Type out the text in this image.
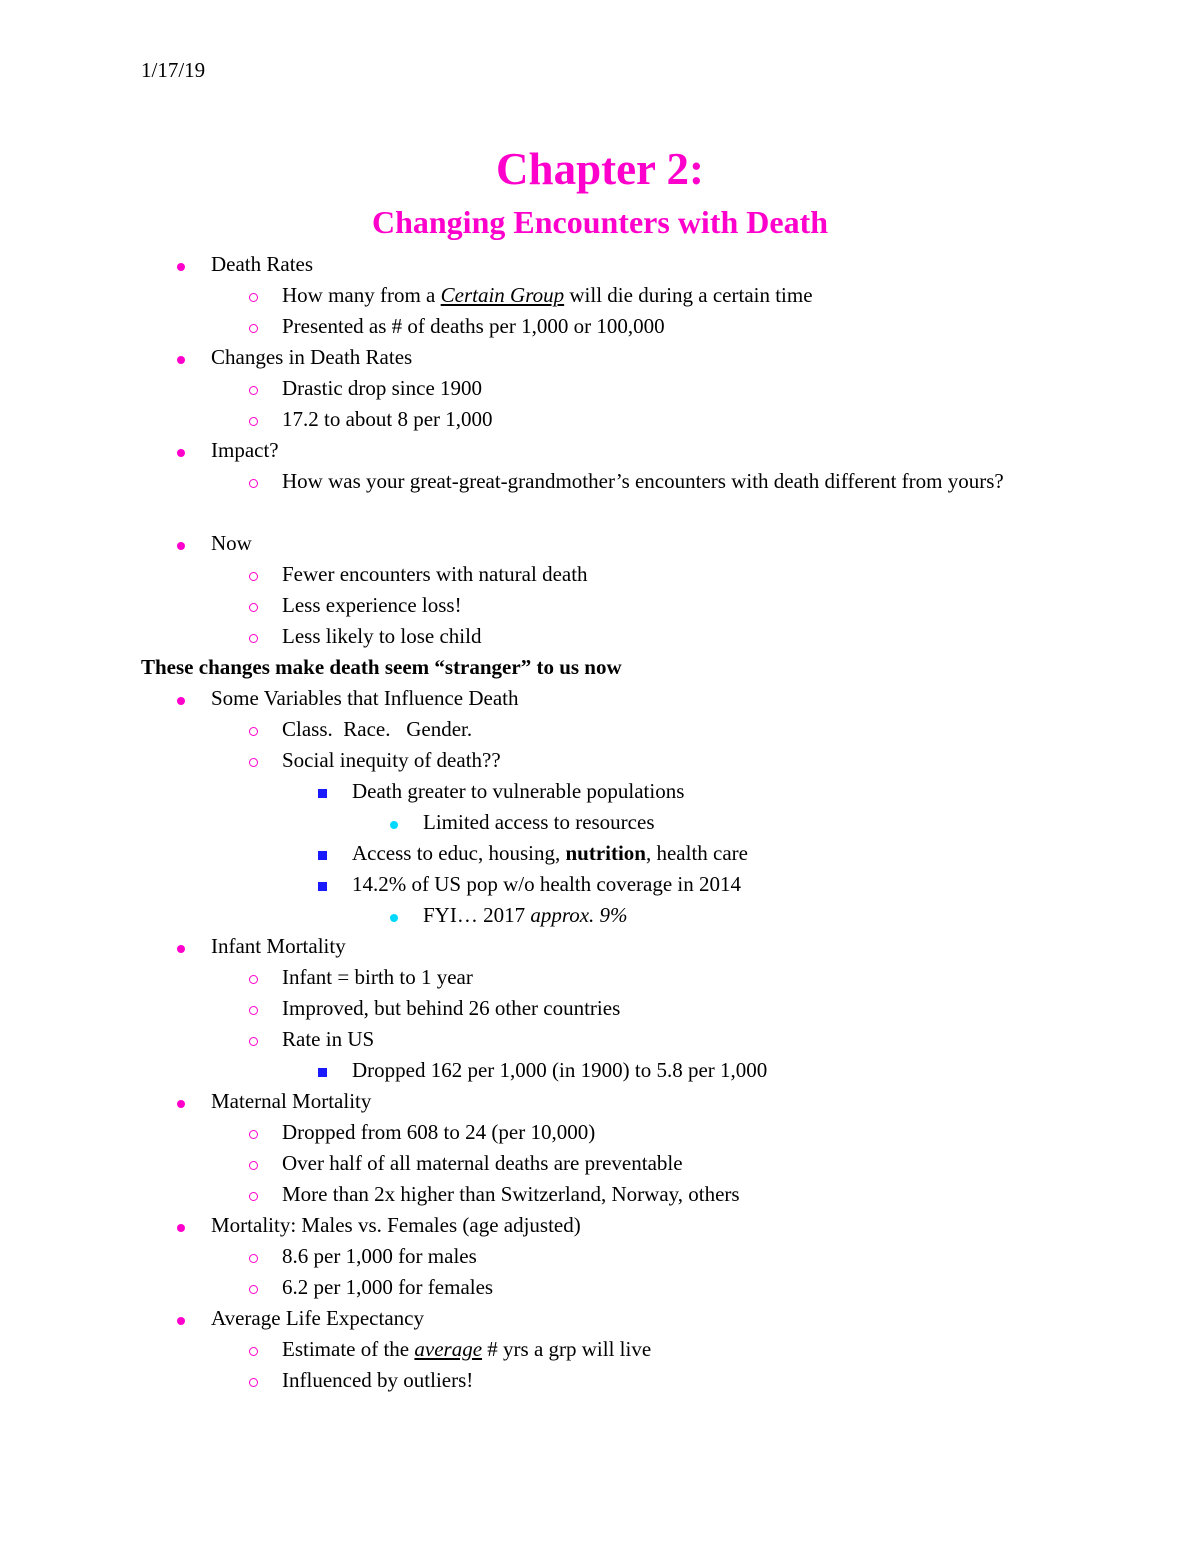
1/17/19
Chapter 2:
Changing Encounters with Death
Death Rates
How many from a Certain Group will die during a certain time
Presented as # of deaths per 1,000 or 100,000
Changes in Death Rates
Drastic drop since 1900
17.2 to about 8 per 1,000
Impact?
How was your great-great-grandmother’s encounters with death different from yours?
Now
Fewer encounters with natural death
Less experience loss!
Less likely to lose child
These changes make death seem “stranger” to us now
Some Variables that Influence Death
Class.  Race.   Gender.
Social inequity of death??
Death greater to vulnerable populations
Limited access to resources
Access to educ, housing, nutrition, health care
14.2% of US pop w/o health coverage in 2014
FYI… 2017 approx. 9%
Infant Mortality
Infant = birth to 1 year
Improved, but behind 26 other countries
Rate in US
Dropped 162 per 1,000 (in 1900) to 5.8 per 1,000
Maternal Mortality
Dropped from 608 to 24 (per 10,000)
Over half of all maternal deaths are preventable
More than 2x higher than Switzerland, Norway, others
Mortality: Males vs. Females (age adjusted)
8.6 per 1,000 for males
6.2 per 1,000 for females
Average Life Expectancy
Estimate of the average # yrs a grp will live
Influenced by outliers!
